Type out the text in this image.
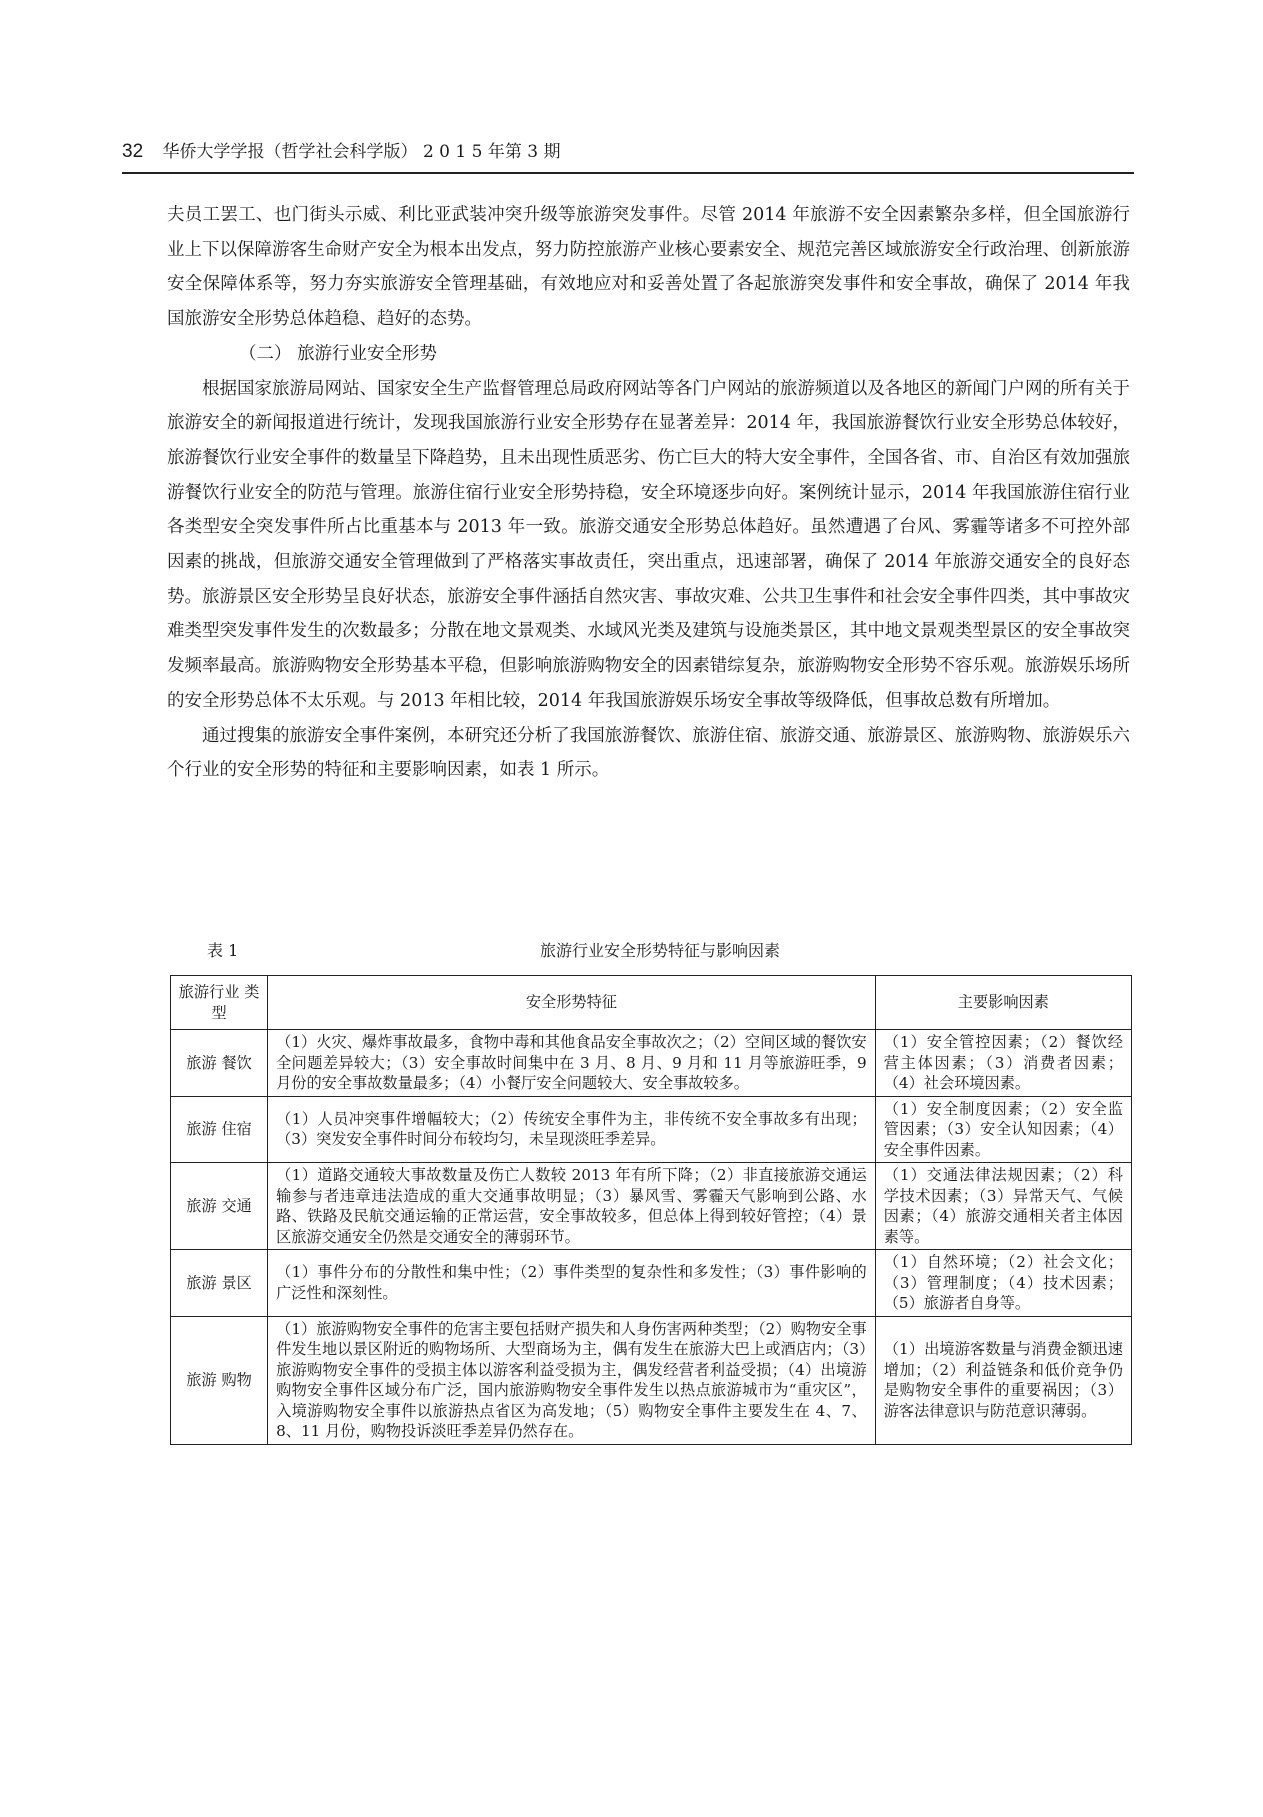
32 华侨大学学报（哲学社会科学版） 2 0 1 5 年第 3 期

夫员工罢工、也门街头示威、利比亚武装冲突升级等旅游突发事件。尽管 2014 年旅游不安全因素繁杂多样，但全国旅游行业上下以保障游客生命财产安全为根本出发点，努力防控旅游产业核心要素安全、规范完善区域旅游安全行政治理、创新旅游安全保障体系等，努力夯实旅游安全管理基础，有效地应对和妥善处置了各起旅游突发事件和安全事故，确保了 2014 年我国旅游安全形势总体趋稳、趋好的态势。

（二） 旅游行业安全形势

根据国家旅游局网站、国家安全生产监督管理总局政府网站等各门户网站的旅游频道以及各地区的新闻门户网的所有关于旅游安全的新闻报道进行统计，发现我国旅游行业安全形势存在显著差异：2014 年，我国旅游餐饮行业安全形势总体较好，旅游餐饮行业安全事件的数量呈下降趋势，且未出现性质恶劣、伤亡巨大的特大安全事件，全国各省、市、自治区有效加强旅游餐饮行业安全的防范与管理。旅游住宿行业安全形势持稳，安全环境逐步向好。案例统计显示，2014 年我国旅游住宿行业各类型安全突发事件所占比重基本与 2013 年一致。旅游交通安全形势总体趋好。虽然遭遇了台风、雾霾等诸多不可控外部因素的挑战，但旅游交通安全管理做到了严格落实事故责任，突出重点，迅速部署，确保了 2014 年旅游交通安全的良好态势。旅游景区安全形势呈良好状态，旅游安全事件涵括自然灾害、事故灾难、公共卫生事件和社会安全事件四类，其中事故灾难类型突发事件发生的次数最多；分散在地文景观类、水域风光类及建筑与设施类景区，其中地文景观类型景区的安全事故突发频率最高。旅游购物安全形势基本平稳，但影响旅游购物安全的因素错综复杂，旅游购物安全形势不容乐观。旅游娱乐场所的安全形势总体不太乐观。与 2013 年相比较，2014 年我国旅游娱乐场安全事故等级降低，但事故总数有所增加。

通过搜集的旅游安全事件案例，本研究还分析了我国旅游餐饮、旅游住宿、旅游交通、旅游景区、旅游购物、旅游娱乐六个行业的安全形势的特征和主要影响因素，如表 1 所示。

表 1	旅游行业安全形势特征与影响因素
旅游行业 类　型	安全形势特征	主要影响因素
旅游 餐饮	（1）火灾、爆炸事故最多，食物中毒和其他食品安全事故次之；（2）空间区域的餐饮安全问题差异较大；（3）安全事故时间集中在 3 月、8 月、9 月和 11 月等旅游旺季，9 月份的安全事故数量最多；（4）小餐厅安全问题较大、安全事故较多。	（1）安全管控因素；（2）餐饮经营主体因素；（3）消费者因素；（4）社会环境因素。
旅游 住宿	（1）人员冲突事件增幅较大；（2）传统安全事件为主，非传统不安全事故多有出现；（3）突发安全事件时间分布较均匀，未呈现淡旺季差异。	（1）安全制度因素；（2）安全监管因素；（3）安全认知因素；（4）安全事件因素。
旅游 交通	（1）道路交通较大事故数量及伤亡人数较 2013 年有所下降；（2）非直接旅游交通运输参与者违章违法造成的重大交通事故明显；（3）暴风雪、雾霾天气影响到公路、水路、铁路及民航交通运输的正常运营，安全事故较多，但总体上得到较好管控；（4）景区旅游交通安全仍然是交通安全的薄弱环节。	（1）交通法律法规因素；（2）科学技术因素；（3）异常天气、气候因素；（4）旅游交通相关者主体因素等。
旅游 景区	（1）事件分布的分散性和集中性；（2）事件类型的复杂性和多发性；（3）事件影响的广泛性和深刻性。	（1）自然环境；（2）社会文化；（3）管理制度；（4）技术因素；（5）旅游者自身等。
旅游 购物	（1）旅游购物安全事件的危害主要包括财产损失和人身伤害两种类型；（2）购物安全事件发生地以景区附近的购物场所、大型商场为主，偶有发生在旅游大巴上或酒店内；（3）旅游购物安全事件的受损主体以游客利益受损为主，偶发经营者利益受损；（4）出境游购物安全事件区域分布广泛，国内旅游购物安全事件发生以热点旅游城市为“重灾区”，入境游购物安全事件以旅游热点省区为高发地；（5）购物安全事件主要发生在 4、7、8、11 月份，购物投诉淡旺季差异仍然存在。	（1）出境游客数量与消费金额迅速增加；（2）利益链条和低价竞争仍是购物安全事件的重要祸因；（3）游客法律意识与防范意识薄弱。
